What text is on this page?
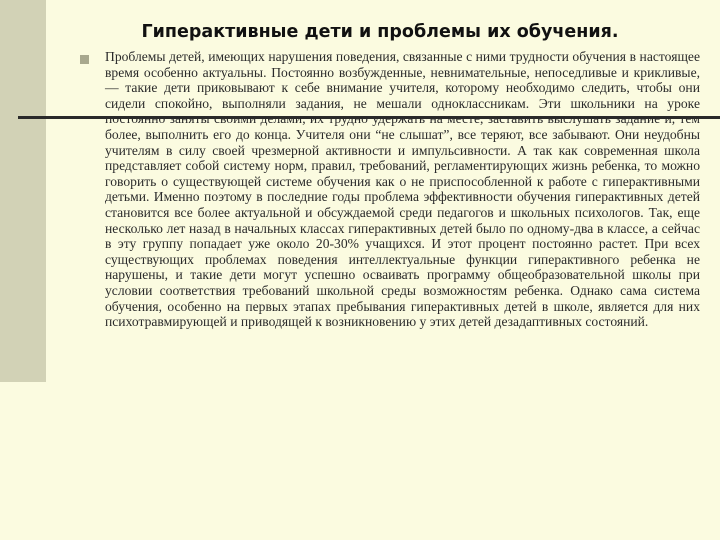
Гиперактивные дети и проблемы их обучения.
Проблемы детей, имеющих нарушения поведения, связанные с ними трудности обучения в настоящее время особенно актуальны. Постоянно возбужденные, невнимательные, непоседливые и крикливые, — такие дети приковывают к себе внимание учителя, которому необходимо следить, чтобы они сидели спокойно, выполняли задания, не мешали одноклассникам. Эти школьники на уроке более, выполнить его до конца. Учителя они “не слышат”, все теряют, все забывают. Они неудобны учителям в силу своей чрезмерной активности и импульсивности. А так как современная школа представляет собой систему норм, правил, требований, регламентирующих жизнь ребенка, то можно говорить о существующей системе обучения как о не приспособленной к работе с гиперактивными детьми. Именно поэтому в последние годы проблема эффективности обучения гиперактивных детей становится все более актуальной и обсуждаемой среди педагогов и школьных психологов. Так, еще несколько лет назад в начальных классах гиперактивных детей было по одному-два в классе, а сейчас в эту группу попадает уже около 20-30% учащихся. И этот процент постоянно растет. При всех существующих проблемах поведения интеллектуальные функции гиперактивного ребенка не нарушены, и такие дети могут успешно осваивать программу общеобразовательной школы при условии соответствия требований школьной среды возможностям ребенка. Однако сама система обучения, особенно на первых этапах пребывания гиперактивных детей в школе, является для них психотравмирующей и приводящей к возникновению у этих детей дезадаптивных состояний.
